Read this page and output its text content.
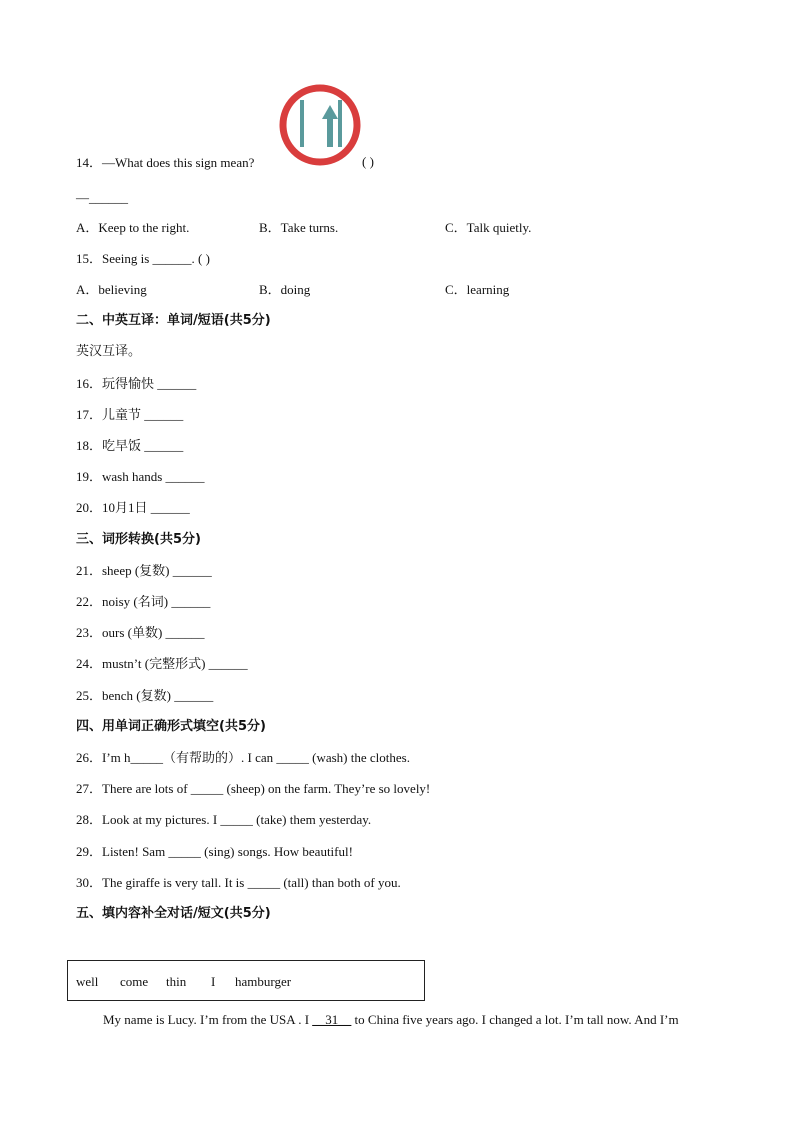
14．—What does this sign mean?	( )
—______
A．Keep to the right.	B．Take turns.	C．Talk quietly.
15．Seeing is ______. ( )
A．believing	B．doing	C．learning
二、中英互译：单词/短语(共5分)
英汉互译。
16．玩得愉快 ______
17．儿童节 ______
18．吃早饭 ______
19．wash hands ______
20．10月1日 ______
三、词形转换(共5分)
21．sheep (复数) ______
22．noisy (名词) ______
23．ours (单数) ______
24．mustn’t (完整形式) ______
25．bench (复数) ______
四、用单词正确形式填空(共5分)
26．I’m h_____（有帮助的）. I can _____ (wash) the clothes.
27．There are lots of _____ (sheep) on the farm. They’re so lovely!
28．Look at my pictures. I _____ (take) them yesterday.
29．Listen! Sam _____ (sing) songs. How beautiful!
30．The giraffe is very tall. It is _____ (tall) than both of you.
五、填内容补全对话/短文(共5分)
well come thin I hamburger
My name is Lucy. I’m from the USA . I __31__ to China five years ago. I changed a lot. I’m tall now. And I’m
